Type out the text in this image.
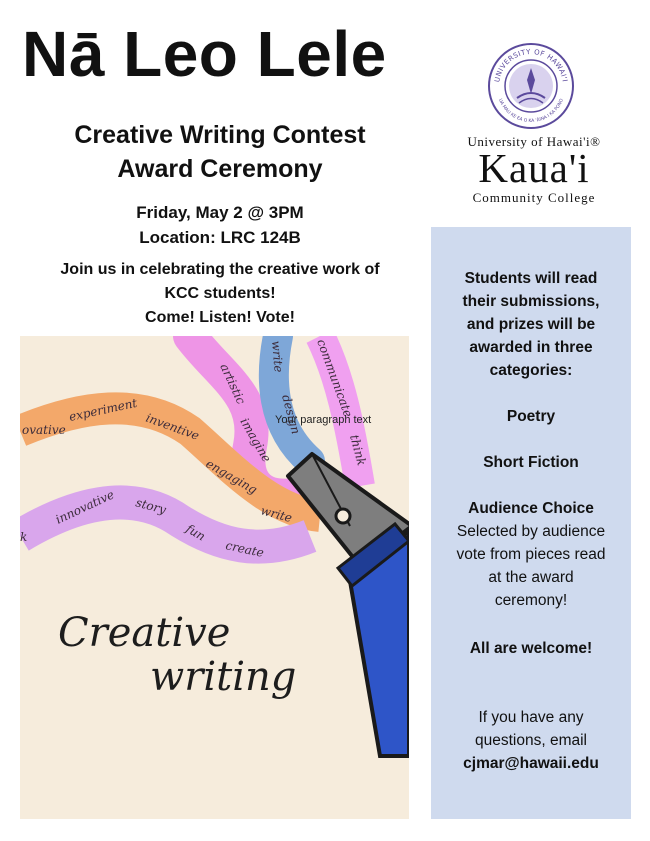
Nā Leo Lele
Creative Writing Contest
Award Ceremony
Friday, May 2 @ 3PM
Location: LRC 124B
Join us in celebrating the creative work of
KCC students!
Come! Listen! Vote!
UNIVERSITY OF HAWAI'I
UA MAU KE EA O KA 'ĀINA I KA PONO
University of Hawai'i®
Kaua'i
Community College
ovative
experiment
inventive
engaging
write
k
innovative story
fun
create
artistic
imagine
write
design communicate
think
Your paragraph text
Creative
writing
Students will read
their submissions,
and prizes will be
awarded in three
categories:
Poetry
Short Fiction
Audience Choice
Selected by audience
vote from pieces read
at the award
ceremony!
All are welcome!
If you have any
questions, email
cjmar@hawaii.edu
